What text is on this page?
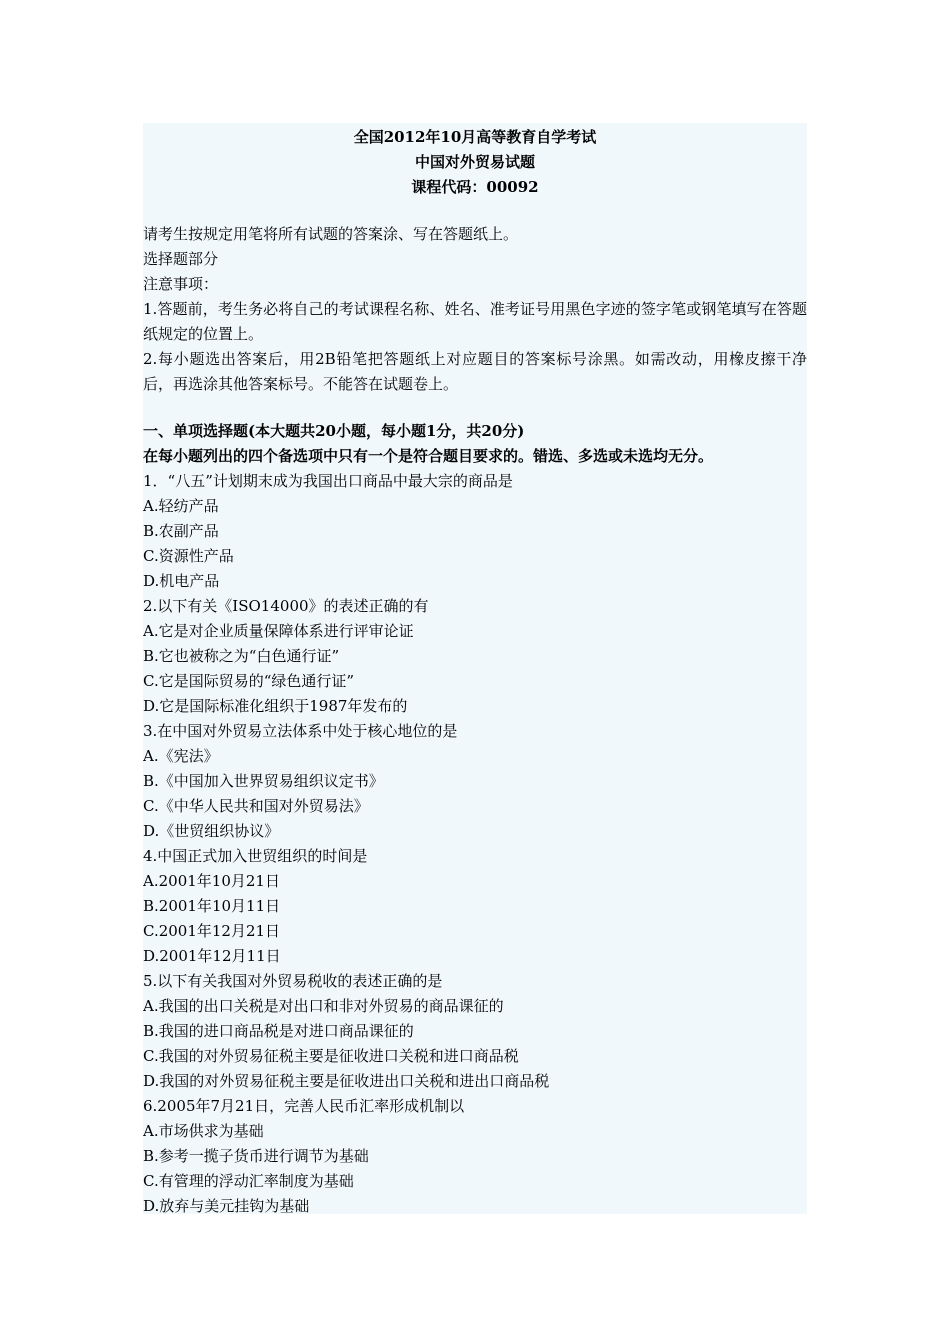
全国2012年10月高等教育自学考试
中国对外贸易试题
课程代码：00092
请考生按规定用笔将所有试题的答案涂、写在答题纸上。
选择题部分
注意事项：
1.答题前，考生务必将自己的考试课程名称、姓名、准考证号用黑色字迹的签字笔或钢笔填写在答题纸规定的位置上。
2.每小题选出答案后，用2B铅笔把答题纸上对应题目的答案标号涂黑。如需改动，用橡皮擦干净后，再选涂其他答案标号。不能答在试题卷上。
一、单项选择题(本大题共20小题，每小题1分，共20分)
在每小题列出的四个备选项中只有一个是符合题目要求的。错选、多选或未选均无分。
1．“八五”计划期末成为我国出口商品中最大宗的商品是
A.轻纺产品
B.农副产品
C.资源性产品
D.机电产品
2.以下有关《ISO14000》的表述正确的有
A.它是对企业质量保障体系进行评审论证
B.它也被称之为“白色通行证”
C.它是国际贸易的“绿色通行证”
D.它是国际标准化组织于1987年发布的
3.在中国对外贸易立法体系中处于核心地位的是
A.《宪法》
B.《中国加入世界贸易组织议定书》
C.《中华人民共和国对外贸易法》
D.《世贸组织协议》
4.中国正式加入世贸组织的时间是
A.2001年10月21日
B.2001年10月11日
C.2001年12月21日
D.2001年12月11日
5.以下有关我国对外贸易税收的表述正确的是
A.我国的出口关税是对出口和非对外贸易的商品课征的
B.我国的进口商品税是对进口商品课征的
C.我国的对外贸易征税主要是征收进口关税和进口商品税
D.我国的对外贸易征税主要是征收进出口关税和进出口商品税
6.2005年7月21日，完善人民币汇率形成机制以
A.市场供求为基础
B.参考一揽子货币进行调节为基础
C.有管理的浮动汇率制度为基础
D.放弃与美元挂钩为基础
